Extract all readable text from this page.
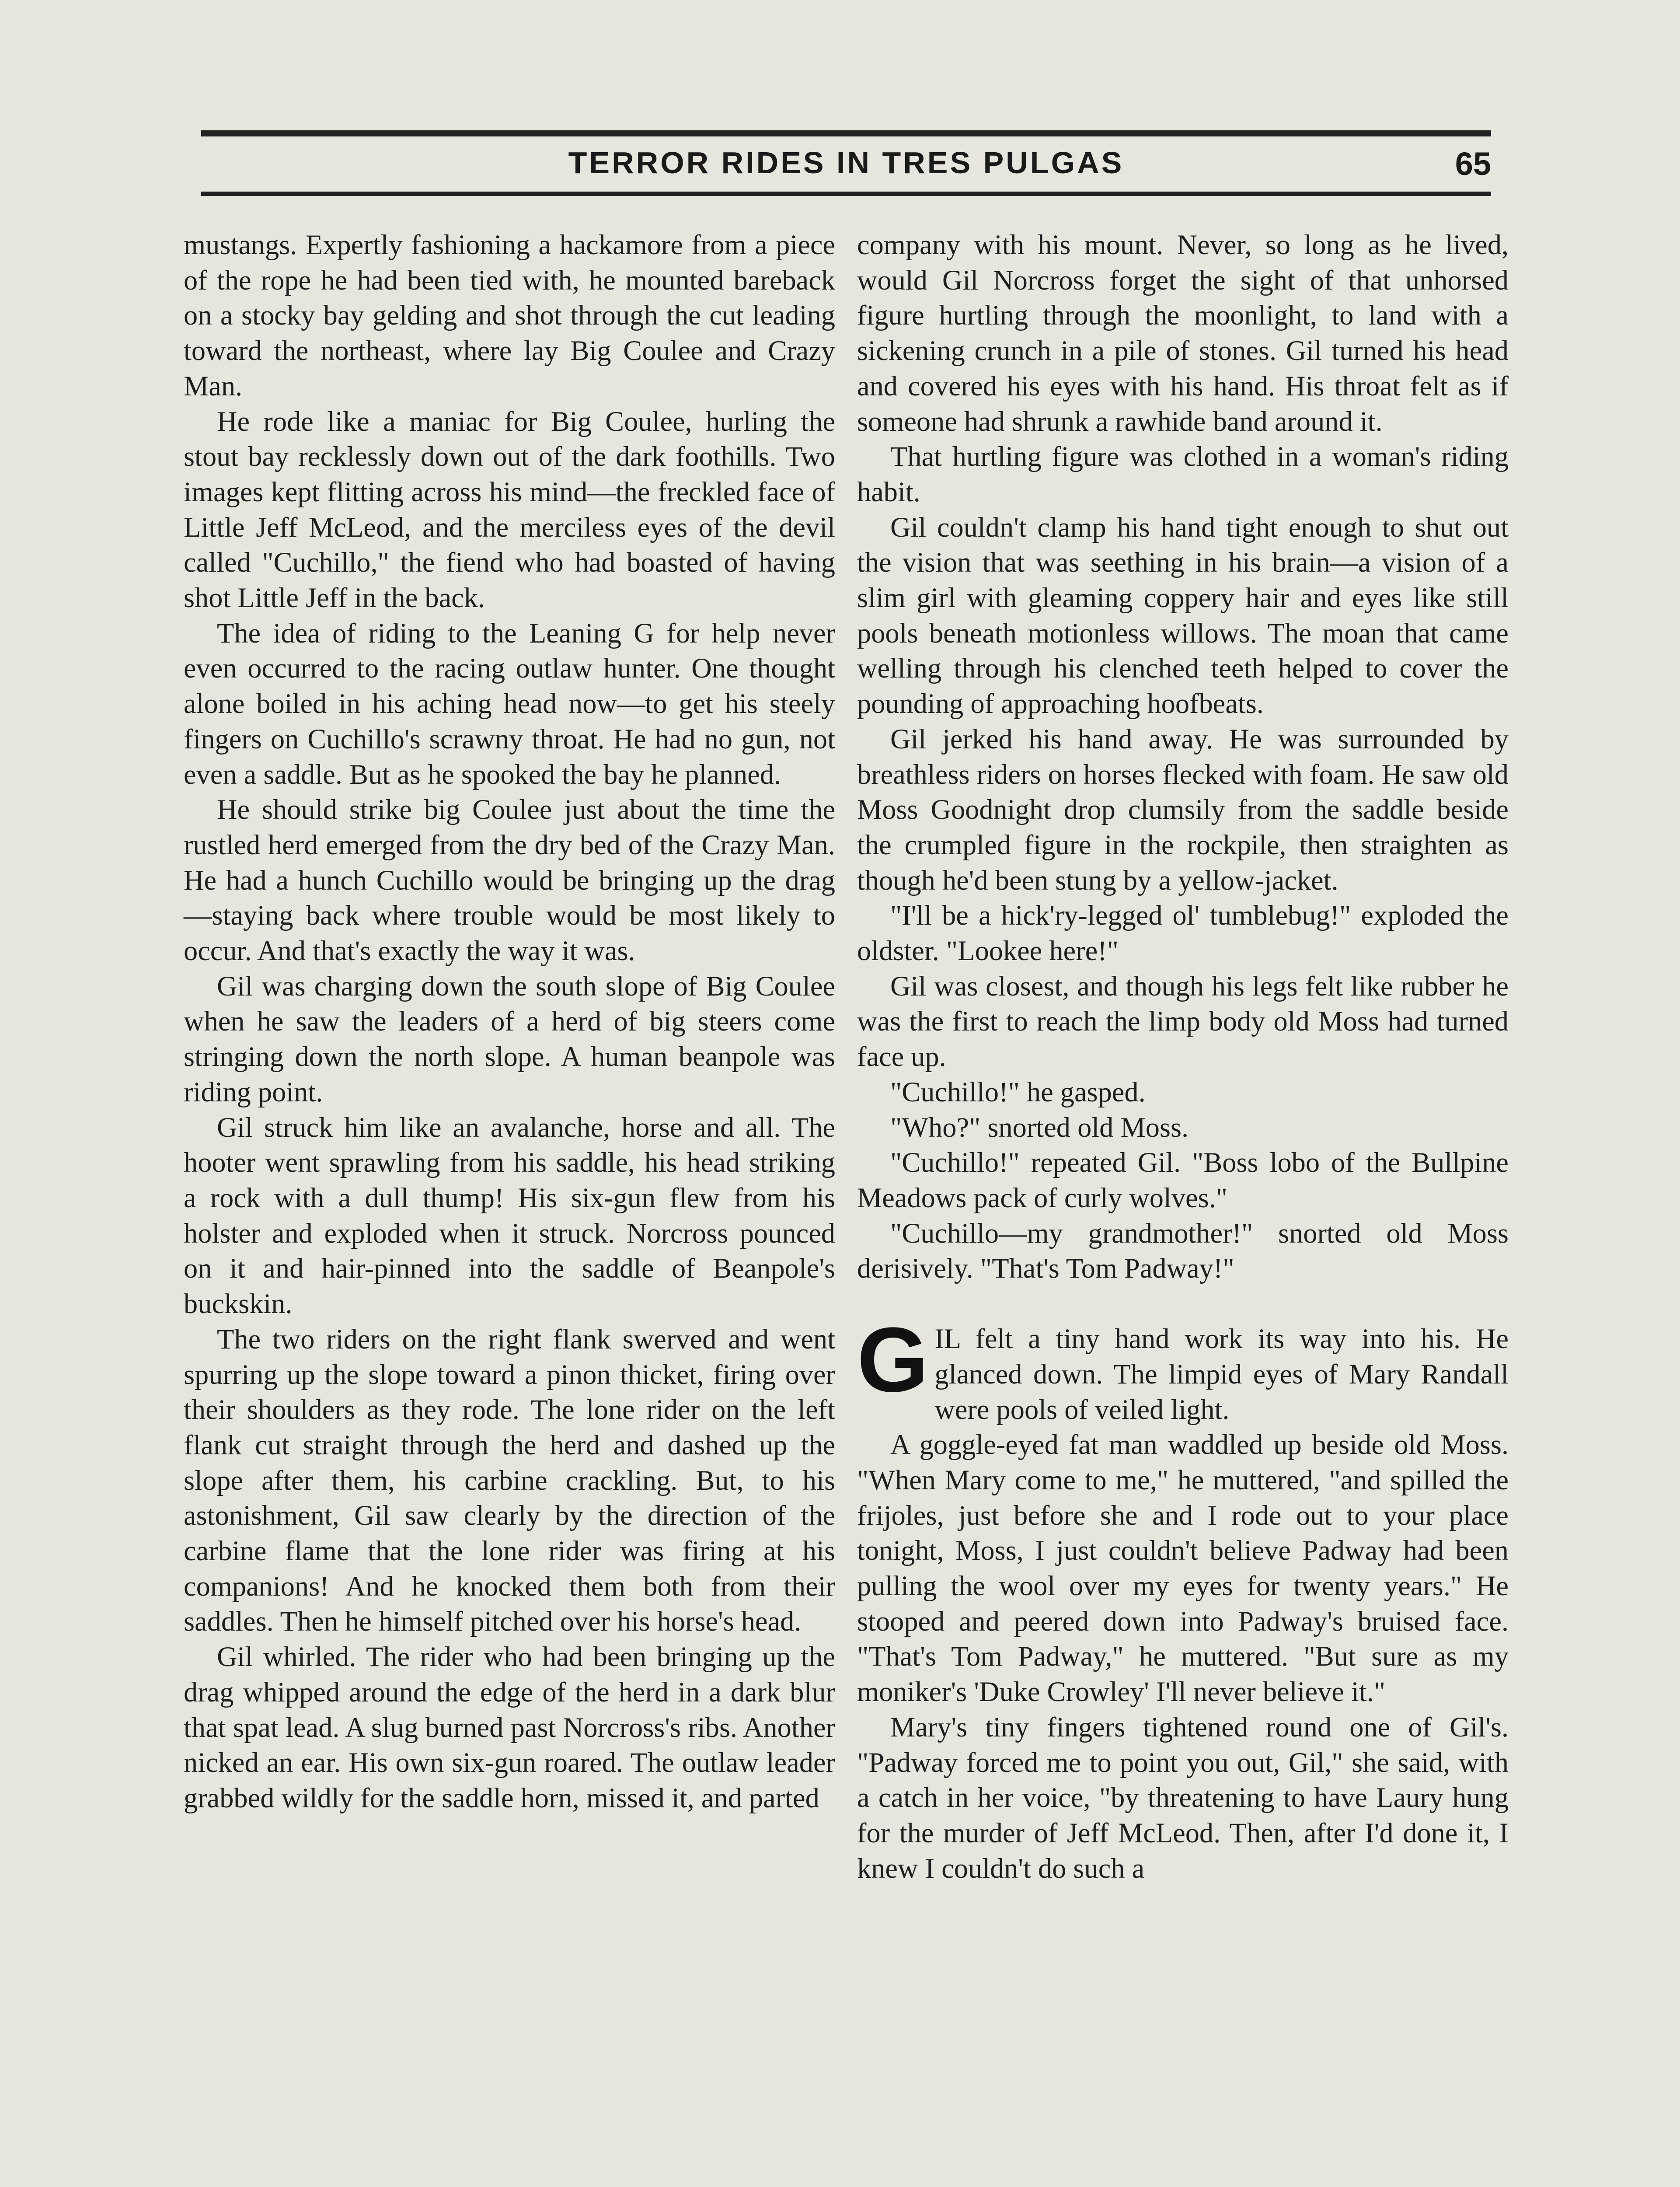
TERROR RIDES IN TRES PULGAS	65

mustangs. Expertly fashioning a hackamore from a piece of the rope he had been tied with, he mounted bareback on a stocky bay gelding and shot through the cut leading toward the northeast, where lay Big Coulee and Crazy Man.

He rode like a maniac for Big Coulee, hurling the stout bay recklessly down out of the dark foothills. Two images kept flitting across his mind—the freckled face of Little Jeff McLeod, and the merciless eyes of the devil called "Cuchillo," the fiend who had boasted of having shot Little Jeff in the back.

The idea of riding to the Leaning G for help never even occurred to the racing outlaw hunter. One thought alone boiled in his aching head now—to get his steely fingers on Cuchillo's scrawny throat. He had no gun, not even a saddle. But as he spooked the bay he planned.

He should strike big Coulee just about the time the rustled herd emerged from the dry bed of the Crazy Man. He had a hunch Cuchillo would be bringing up the drag—staying back where trouble would be most likely to occur. And that's exactly the way it was.

Gil was charging down the south slope of Big Coulee when he saw the leaders of a herd of big steers come stringing down the north slope. A human beanpole was riding point.

Gil struck him like an avalanche, horse and all. The hooter went sprawling from his saddle, his head striking a rock with a dull thump! His six-gun flew from his holster and exploded when it struck. Norcross pounced on it and hair-pinned into the saddle of Beanpole's buckskin.

The two riders on the right flank swerved and went spurring up the slope toward a pinon thicket, firing over their shoulders as they rode. The lone rider on the left flank cut straight through the herd and dashed up the slope after them, his carbine crackling. But, to his astonishment, Gil saw clearly by the direction of the carbine flame that the lone rider was firing at his companions! And he knocked them both from their saddles. Then he himself pitched over his horse's head.

Gil whirled. The rider who had been bringing up the drag whipped around the edge of the herd in a dark blur that spat lead. A slug burned past Norcross's ribs. Another nicked an ear. His own six-gun roared. The outlaw leader grabbed wildly for the saddle horn, missed it, and parted

company with his mount. Never, so long as he lived, would Gil Norcross forget the sight of that unhorsed figure hurtling through the moonlight, to land with a sickening crunch in a pile of stones. Gil turned his head and covered his eyes with his hand. His throat felt as if someone had shrunk a rawhide band around it.

That hurtling figure was clothed in a woman's riding habit.

Gil couldn't clamp his hand tight enough to shut out the vision that was seething in his brain—a vision of a slim girl with gleaming coppery hair and eyes like still pools beneath motionless willows. The moan that came welling through his clenched teeth helped to cover the pounding of approaching hoofbeats.

Gil jerked his hand away. He was surrounded by breathless riders on horses flecked with foam. He saw old Moss Goodnight drop clumsily from the saddle beside the crumpled figure in the rockpile, then straighten as though he'd been stung by a yellow-jacket.

"I'll be a hick'ry-legged ol' tumblebug!" exploded the oldster. "Lookee here!"

Gil was closest, and though his legs felt like rubber he was the first to reach the limp body old Moss had turned face up.

"Cuchillo!" he gasped.

"Who?" snorted old Moss.

"Cuchillo!" repeated Gil. "Boss lobo of the Bullpine Meadows pack of curly wolves."

"Cuchillo—my grandmother!" snorted old Moss derisively. "That's Tom Padway!"

GIL felt a tiny hand work its way into his. He glanced down. The limpid eyes of Mary Randall were pools of veiled light.

A goggle-eyed fat man waddled up beside old Moss. "When Mary come to me," he muttered, "and spilled the frijoles, just before she and I rode out to your place tonight, Moss, I just couldn't believe Padway had been pulling the wool over my eyes for twenty years." He stooped and peered down into Padway's bruised face. "That's Tom Padway," he muttered. "But sure as my moniker's 'Duke Crowley' I'll never believe it."

Mary's tiny fingers tightened round one of Gil's. "Padway forced me to point you out, Gil," she said, with a catch in her voice, "by threatening to have Laury hung for the murder of Jeff McLeod. Then, after I'd done it, I knew I couldn't do such a
